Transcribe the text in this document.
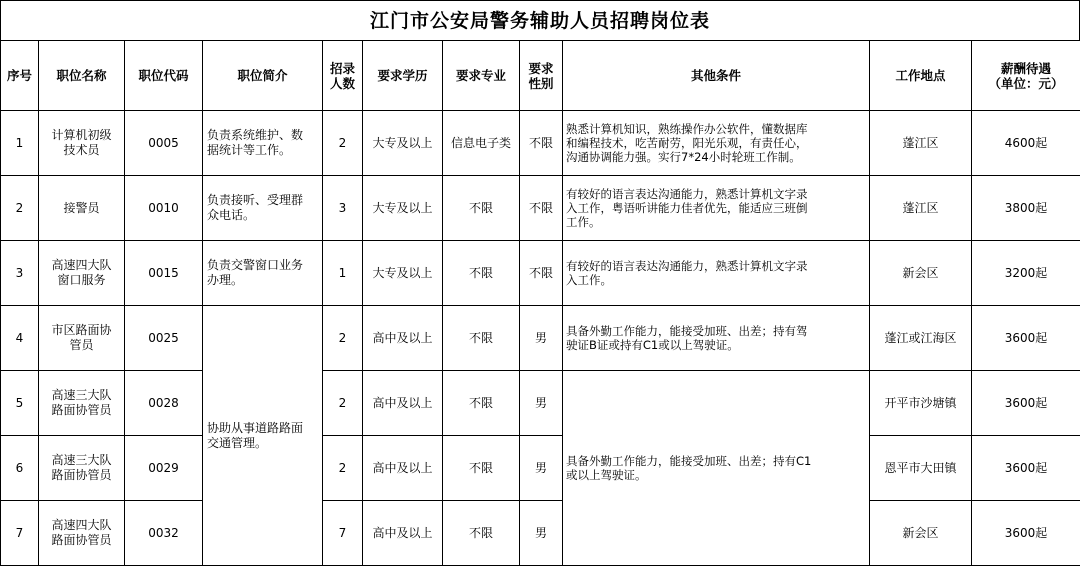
江门市公安局警务辅助人员招聘岗位表
序号	职位名称	职位代码	职位简介	招录
人数	要求学历	要求专业	要求
性别	其他条件	工作地点	薪酬待遇
（单位：元）
1	计算机初级
技术员	0005	负责系统维护、数
据统计等工作。	2	大专及以上	信息电子类	不限	熟悉计算机知识，熟练操作办公软件，懂数据库
和编程技术，吃苦耐劳，阳光乐观，有责任心，
沟通协调能力强。实行7*24小时轮班工作制。	蓬江区	4600起
2	接警员	0010	负责接听、受理群
众电话。	3	大专及以上	不限	不限	有较好的语言表达沟通能力，熟悉计算机文字录
入工作，粤语听讲能力佳者优先，能适应三班倒
工作。	蓬江区	3800起
3	高速四大队
窗口服务	0015	负责交警窗口业务
办理。	1	大专及以上	不限	不限	有较好的语言表达沟通能力，熟悉计算机文字录
入工作。	新会区	3200起
4	市区路面协
管员	0025	协助从事道路路面
交通管理。	2	高中及以上	不限	男	具备外勤工作能力，能接受加班、出差；持有驾
驶证B证或持有C1或以上驾驶证。	蓬江或江海区	3600起
5	高速三大队
路面协管员	0028		2	高中及以上	不限	男	具备外勤工作能力，能接受加班、出差；持有C1
或以上驾驶证。	开平市沙塘镇	3600起
6	高速三大队
路面协管员	0029		2	高中及以上	不限	男		恩平市大田镇	3600起
7	高速四大队
路面协管员	0032		7	高中及以上	不限	男		新会区	3600起
